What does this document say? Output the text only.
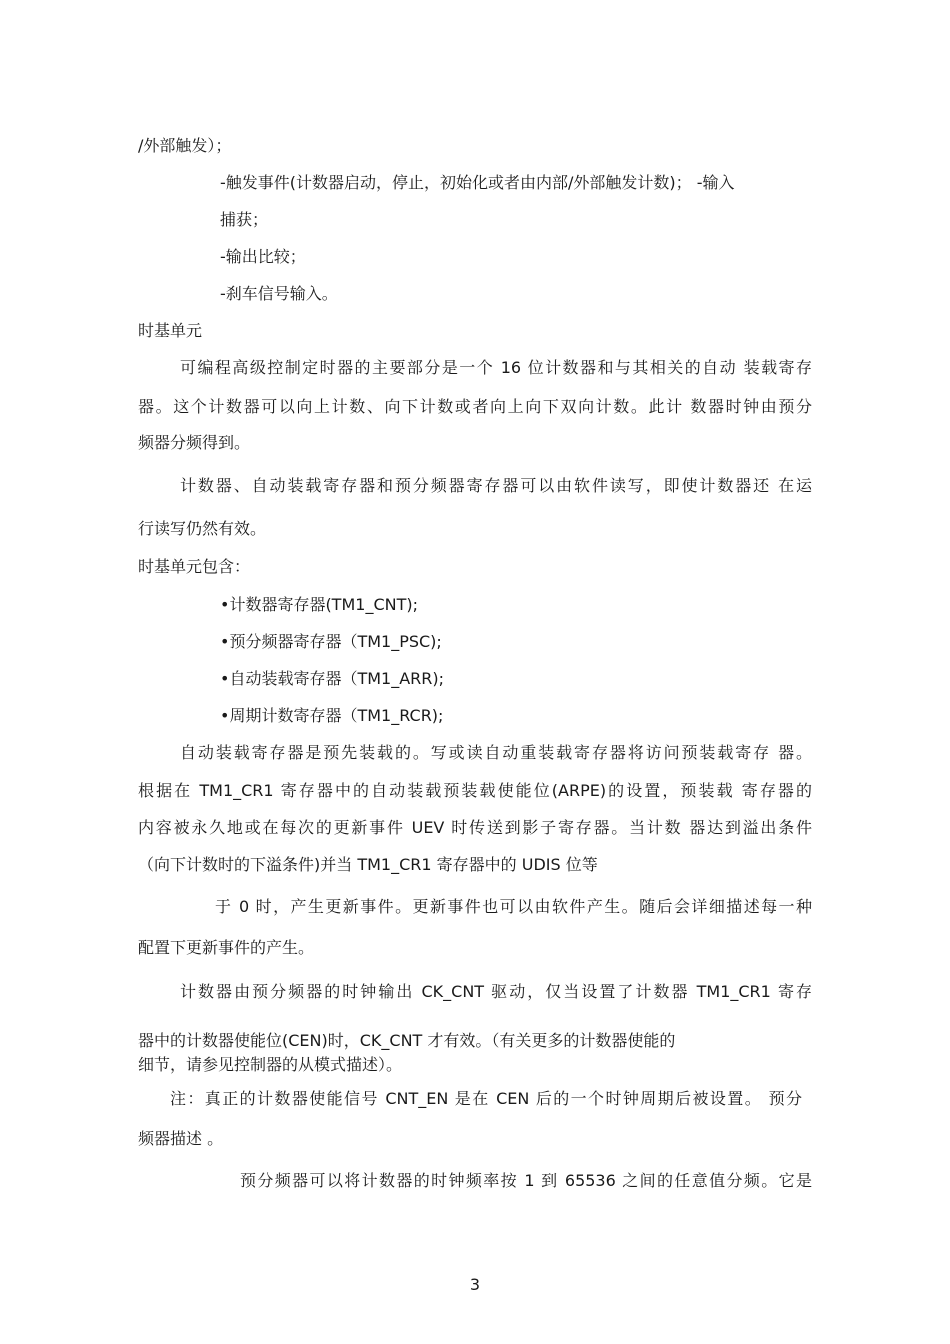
/外部触发）；
-触发事件(计数器启动，停止，初始化或者由内部/外部触发计数)； -输入
捕获；
-输出比较；
-刹车信号输入。
时基单元
可编程高级控制定时器的主要部分是一个 16 位计数器和与其相关的自动 装载寄存
器。这个计数器可以向上计数、向下计数或者向上向下双向计数。此计 数器时钟由预分
频器分频得到。
计数器、自动装载寄存器和预分频器寄存器可以由软件读写，即使计数器还 在运
行读写仍然有效。
时基单元包含：
•计数器寄存器(TM1_CNT);
•预分频器寄存器（TM1_PSC);
•自动装载寄存器（TM1_ARR);
•周期计数寄存器（TM1_RCR);
自动装载寄存器是预先装载的。写或读自动重装载寄存器将访问预装载寄存 器。
根据在 TM1_CR1 寄存器中的自动装载预装载使能位(ARPE)的设置，预装载 寄存器的
内容被永久地或在每次的更新事件 UEV 时传送到影子寄存器。当计数 器达到溢出条件
（向下计数时的下溢条件)并当 TM1_CR1 寄存器中的 UDIS 位等
于 0 时，产生更新事件。更新事件也可以由软件产生。随后会详细描述每一种
配置下更新事件的产生。
计数器由预分频器的时钟输出 CK_CNT 驱动，仅当设置了计数器 TM1_CR1 寄存
器中的计数器使能位(CEN)时，CK_CNT 才有效。（有关更多的计数器使能的
细节，请参见控制器的从模式描述）。
注：真正的计数器使能信号 CNT_EN 是在 CEN 后的一个时钟周期后被设置。 预分
频器描述 。
预分频器可以将计数器的时钟频率按 1 到 65536 之间的任意值分频。它是
3
